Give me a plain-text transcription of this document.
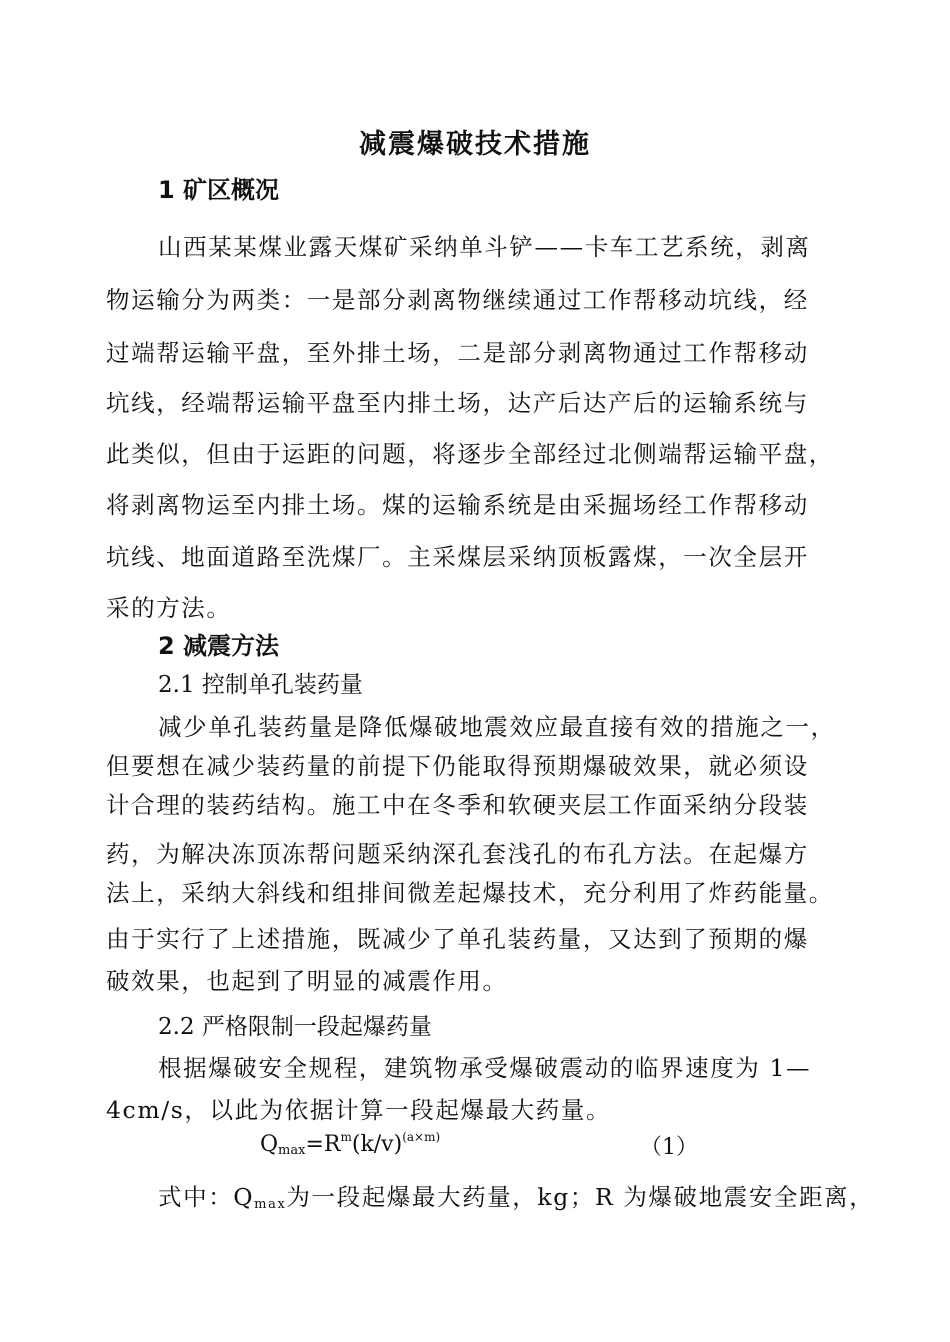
减震爆破技术措施
1 矿区概况
山西某某煤业露天煤矿采纳单斗铲——卡车工艺系统，剥离
物运输分为两类：一是部分剥离物继续通过工作帮移动坑线，经
过端帮运输平盘，至外排土场，二是部分剥离物通过工作帮移动
坑线，经端帮运输平盘至内排土场，达产后达产后的运输系统与
此类似，但由于运距的问题，将逐步全部经过北侧端帮运输平盘，
将剥离物运至内排土场。煤的运输系统是由采掘场经工作帮移动
坑线、地面道路至洗煤厂。主采煤层采纳顶板露煤，一次全层开
采的方法。
2 减震方法
2.1 控制单孔装药量
减少单孔装药量是降低爆破地震效应最直接有效的措施之一，
但要想在减少装药量的前提下仍能取得预期爆破效果，就必须设
计合理的装药结构。施工中在冬季和软硬夹层工作面采纳分段装
药，为解决冻顶冻帮问题采纳深孔套浅孔的布孔方法。在起爆方
法上，采纳大斜线和组排间微差起爆技术，充分利用了炸药能量。
由于实行了上述措施，既减少了单孔装药量，又达到了预期的爆
破效果，也起到了明显的减震作用。
2.2 严格限制一段起爆药量
根据爆破安全规程，建筑物承受爆破震动的临界速度为 1—
4cm/s，以此为依据计算一段起爆最大药量。
$Q_{max}=R^m(k/v)^{(a\times m)}$	（1）
式中：Qmax为一段起爆最大药量，kg；R 为爆破地震安全距离，
